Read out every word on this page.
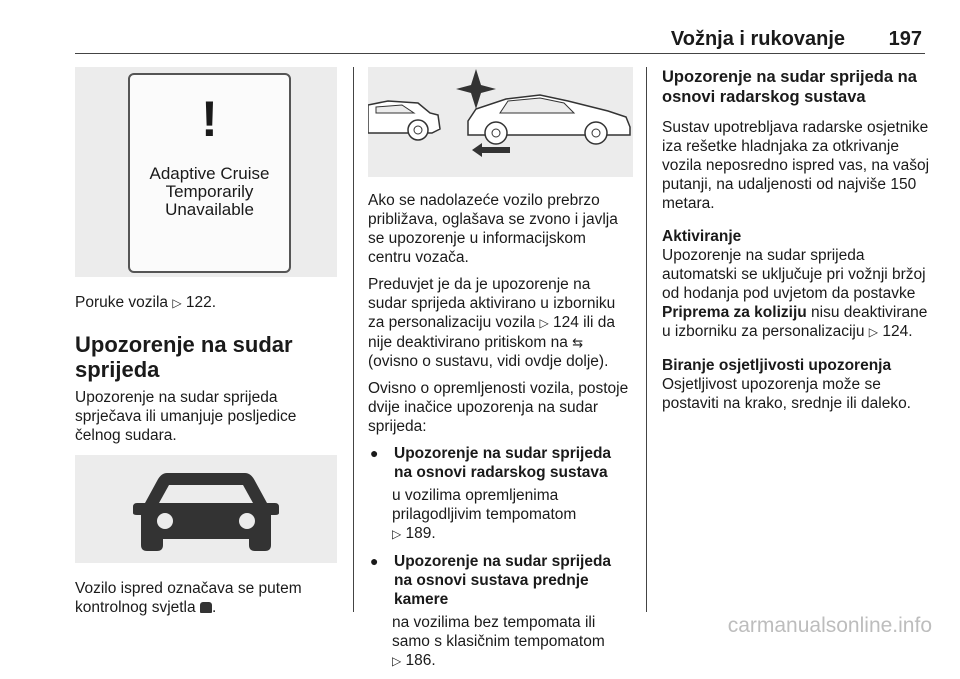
Vožnja i rukovanje 197
!
Adaptive Cruise
Temporarily
Unavailable

Poruke vozila ▷ 122.

Upozorenje na sudar sprijeda

Upozorenje na sudar sprijeda sprječava ili umanjuje posljedice čelnog sudara.

Vozilo ispred označava se putem kontrolnog svjetla .

Ako se nadolazeće vozilo prebrzo približava, oglašava se zvono i javlja se upozorenje u informacijskom centru vozača.

Preduvjet je da je upozorenje na sudar sprijeda aktivirano u izborniku za personalizaciju vozila ▷ 124 ili da nije deaktivirano pritiskom na ⇆ (ovisno o sustavu, vidi ovdje dolje).

Ovisno o opremljenosti vozila, postoje dvije inačice upozorenja na sudar sprijeda:

●	Upozorenje na sudar sprijeda na osnovi radarskog sustava
u vozilima opremljenima prilagodljivim tempomatom
▷ 189.
●	Upozorenje na sudar sprijeda na osnovi sustava prednje kamere
na vozilima bez tempomata ili samo s klasičnim tempomatom
▷ 186.
Upozorenje na sudar sprijeda na osnovi radarskog sustava

Sustav upotrebljava radarske osjetnike iza rešetke hladnjaka za otkrivanje vozila neposredno ispred vas, na vašoj putanji, na udaljenosti od najviše 150 metara.

Aktiviranje

Upozorenje na sudar sprijeda automatski se uključuje pri vožnji bržoj od hodanja pod uvjetom da postavke Priprema za koliziju nisu deaktivirane u izborniku za personalizaciju ▷ 124.

Biranje osjetljivosti upozorenja

Osjetljivost upozorenja može se postaviti na krako, srednje ili daleko.

carmanualsonline.info
